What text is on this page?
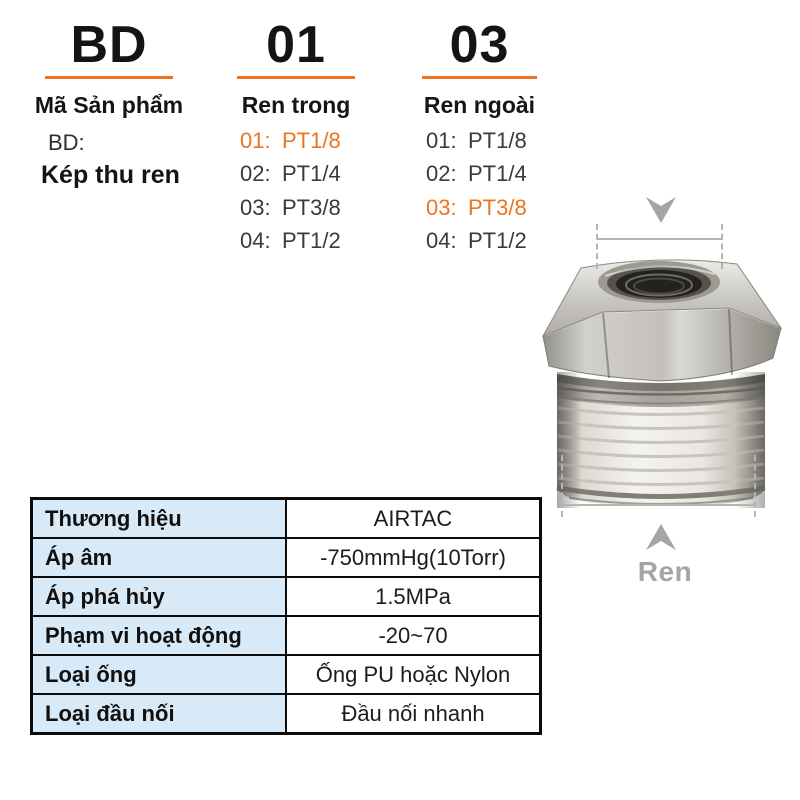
BD
Mã Sản phẩm
BD:
Kép thu ren
01
Ren trong
01: PT1/8
02: PT1/4
03: PT3/8
04: PT1/2
03
Ren ngoài
01: PT1/8
02: PT1/4
03: PT3/8
04: PT1/2
Ren
Thương hiệu	AIRTAC
Áp âm	-750mmHg(10Torr)
Áp phá hủy	1.5MPa
Phạm vi hoạt động	-20~70
Loại ống	Ống PU hoặc Nylon
Loại đầu nối	Đầu nối nhanh
